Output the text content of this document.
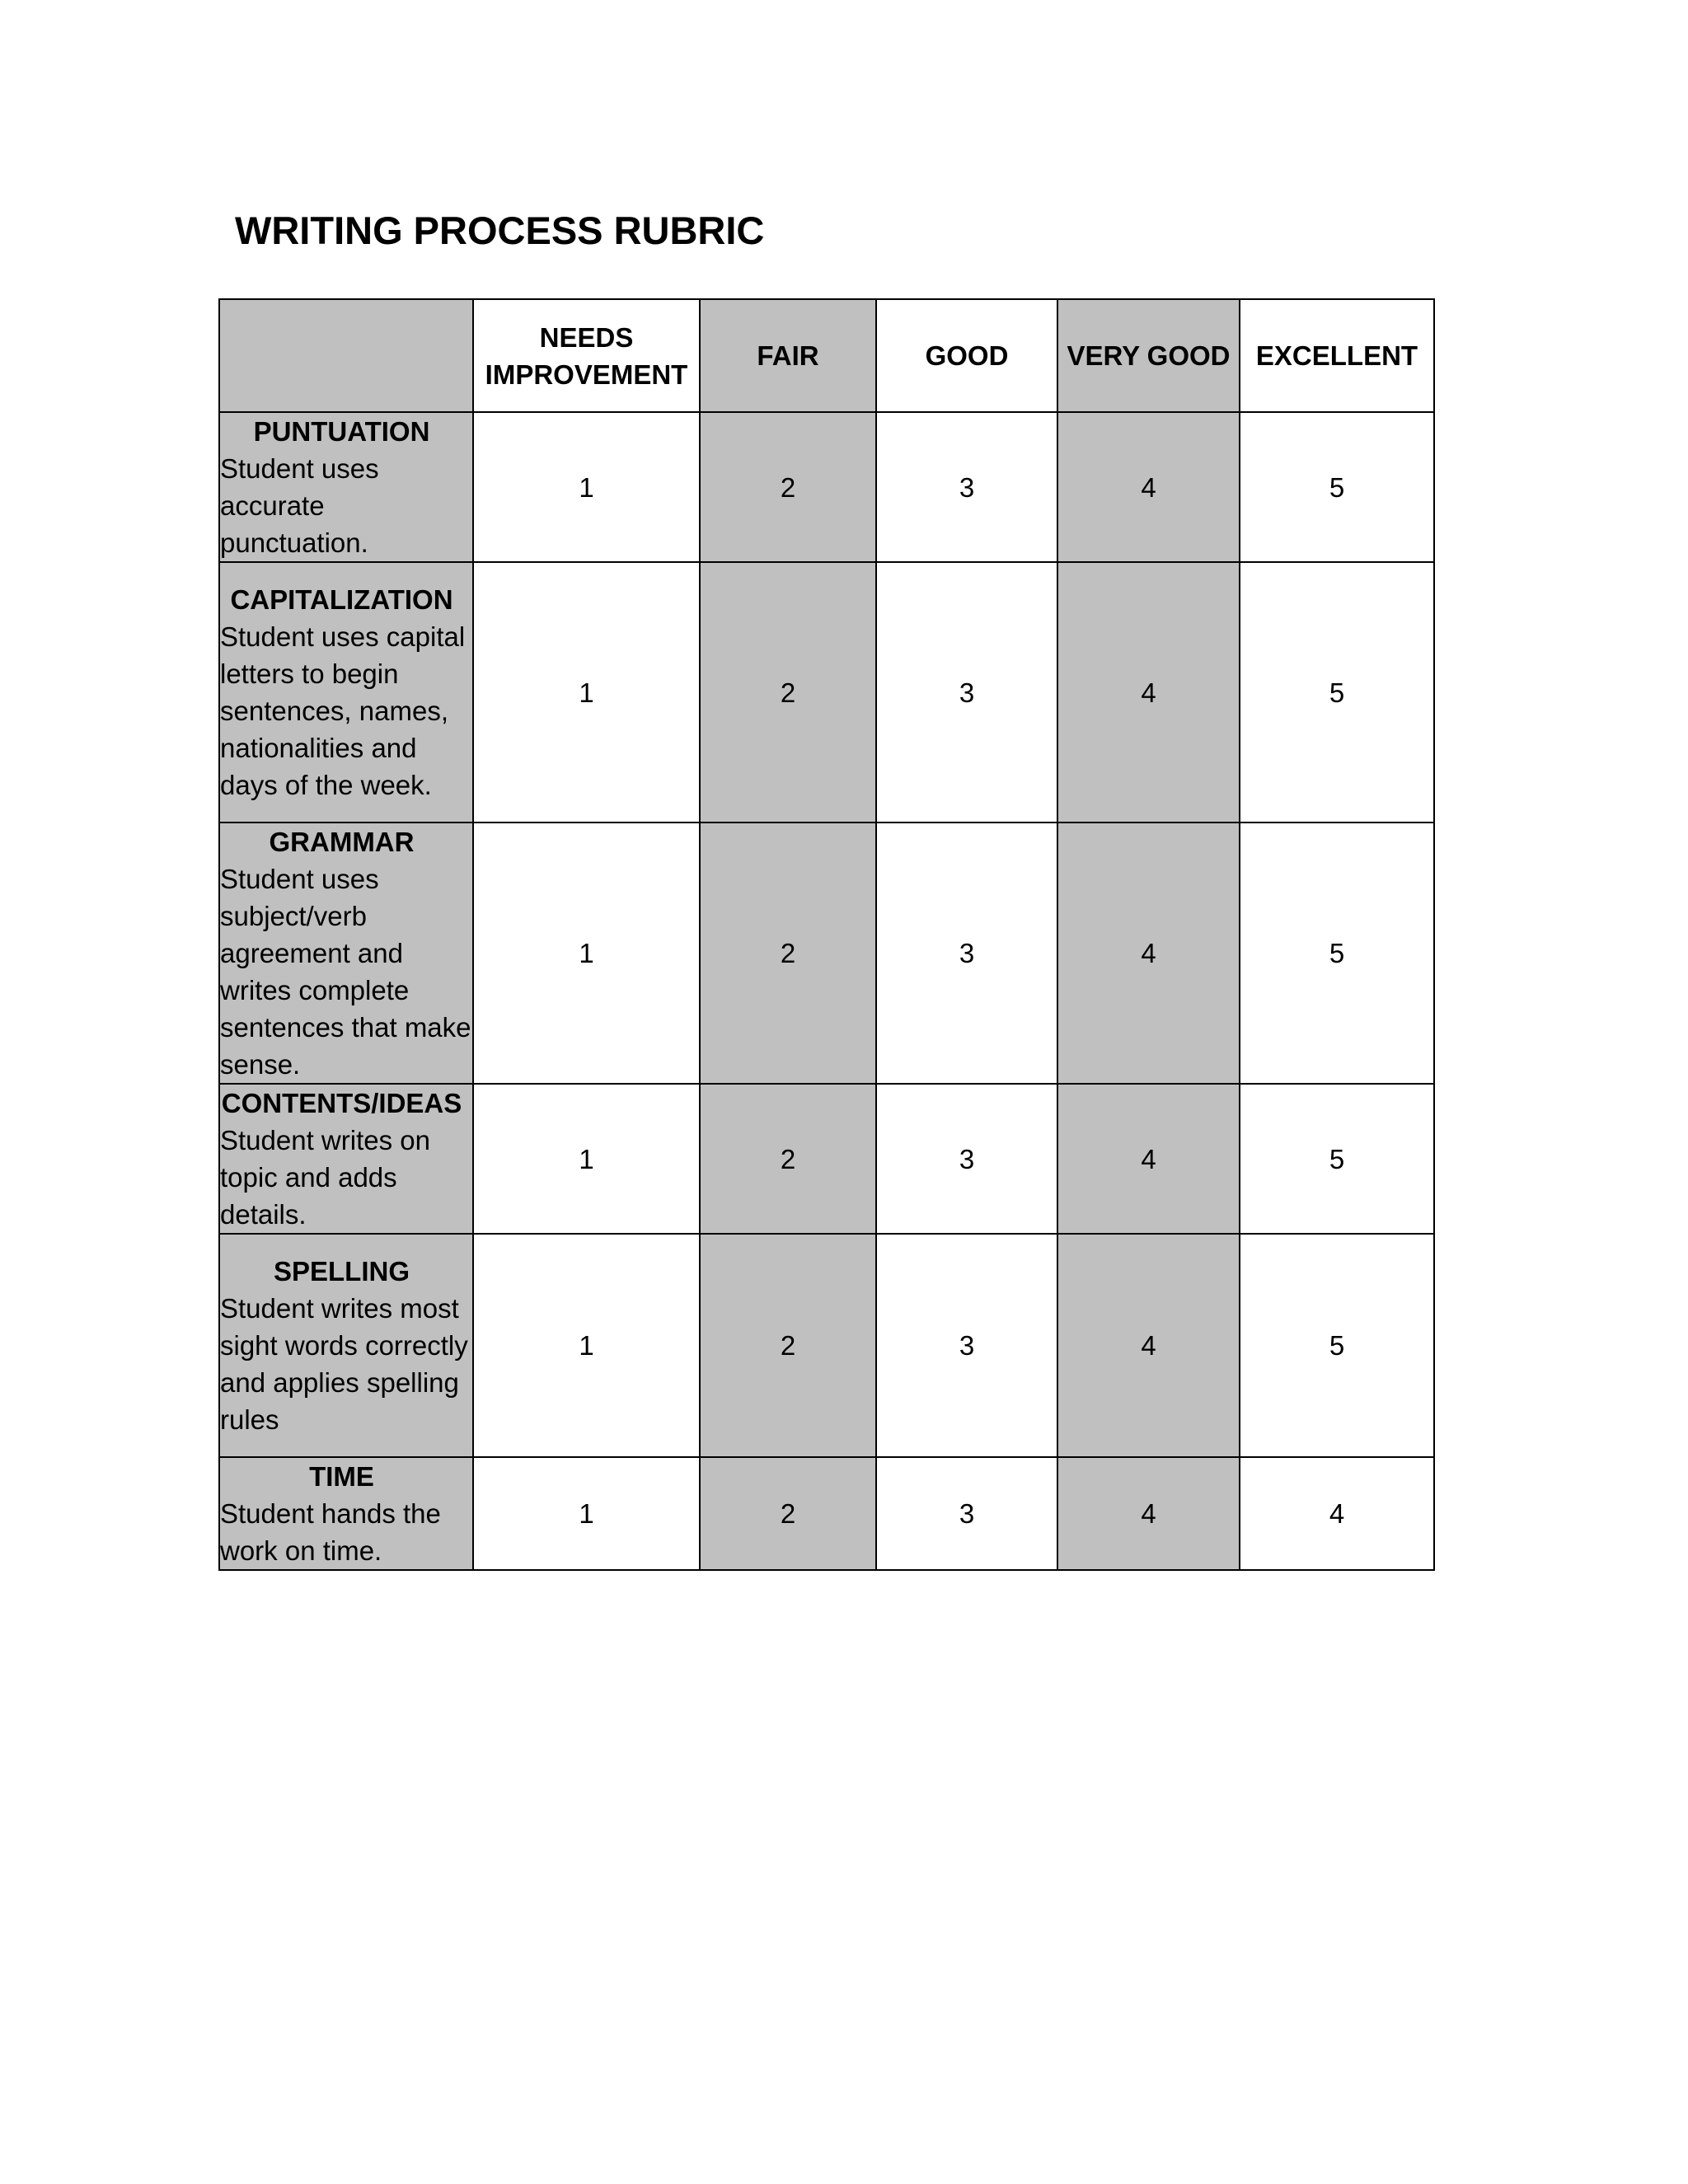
WRITING PROCESS RUBRIC
	NEEDS IMPROVEMENT	FAIR	GOOD	VERY GOOD	EXCELLENT

PUNTUATION
Student uses accurate punctuation.	1	2	3	4	5

CAPITALIZATION
Student uses capital letters to begin sentences, names, nationalities and days of the week.	1	2	3	4	5

GRAMMAR
Student uses subject/verb agreement and writes complete sentences that make sense.	1	2	3	4	5

CONTENTS/IDEAS
Student writes on topic and adds details.	1	2	3	4	5

SPELLING
Student writes most sight words correctly and applies spelling rules	1	2	3	4	5

TIME
Student hands the work on time.	1	2	3	4	4
